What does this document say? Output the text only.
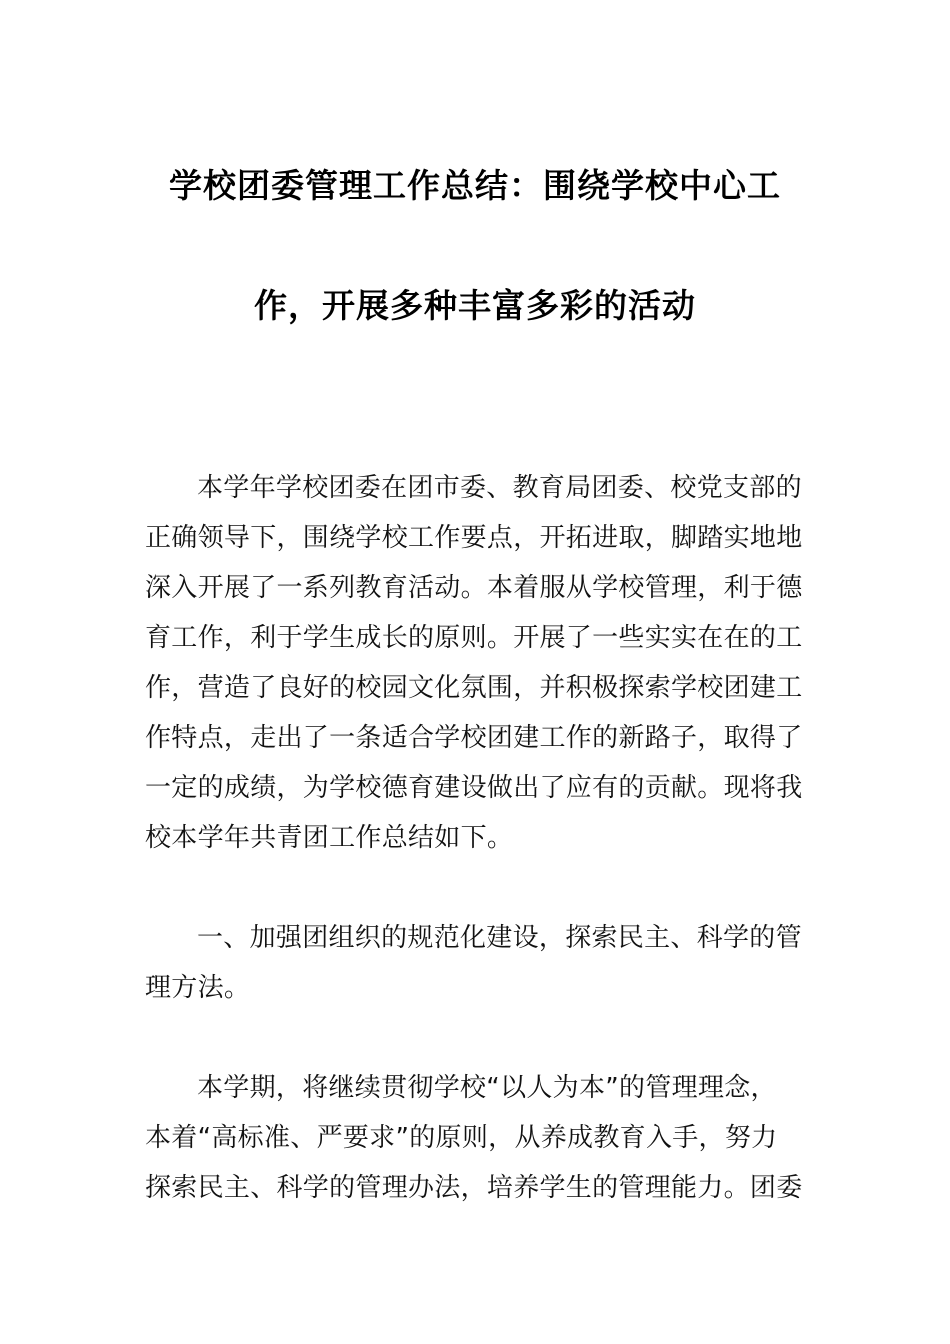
学校团委管理工作总结：围绕学校中心工
作，开展多种丰富多彩的活动
本学年学校团委在团市委、教育局团委、校党支部的
正确领导下，围绕学校工作要点，开拓进取，脚踏实地地
深入开展了一系列教育活动。本着服从学校管理，利于德
育工作，利于学生成长的原则。开展了一些实实在在的工
作，营造了良好的校园文化氛围，并积极探索学校团建工
作特点，走出了一条适合学校团建工作的新路子，取得了
一定的成绩，为学校德育建设做出了应有的贡献。现将我
校本学年共青团工作总结如下。
一、加强团组织的规范化建设，探索民主、科学的管
理方法。
本学期，将继续贯彻学校“以人为本”的管理理念，
本着“高标准、严要求”的原则，从养成教育入手，努力
探索民主、科学的管理办法，培养学生的管理能力。团委
